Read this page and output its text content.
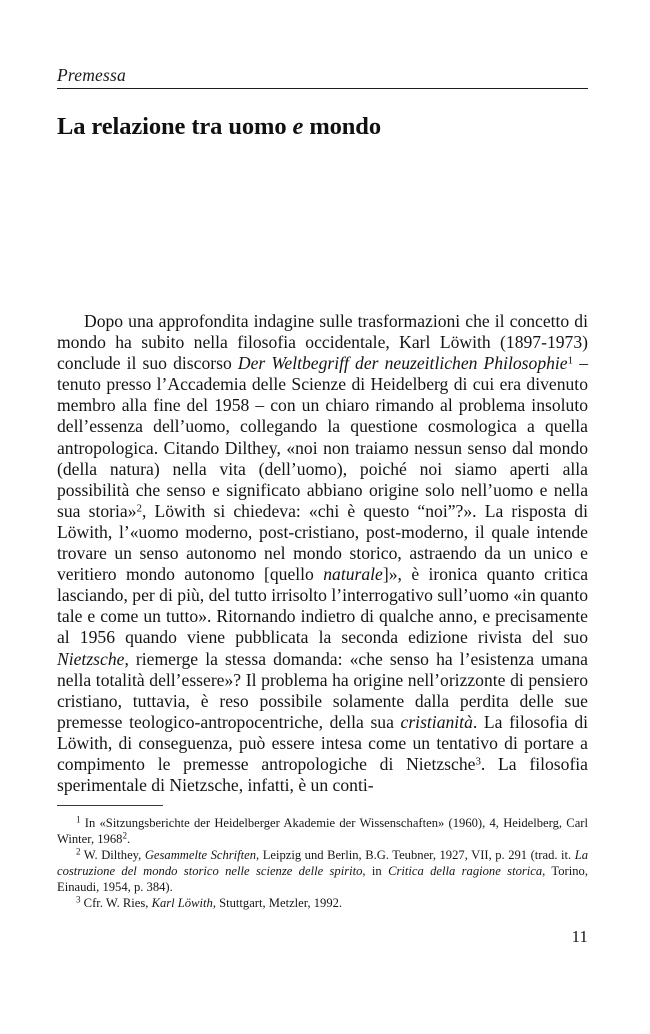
Premessa
La relazione tra uomo e mondo

Dopo una approfondita indagine sulle trasformazioni che il concetto di mondo ha subito nella filosofia occidentale, Karl Löwith (1897-1973) conclude il suo discorso Der Weltbegriff der neuzeitlichen Philosophie$^1$ – tenuto presso l’Accademia delle Scienze di Heidelberg di cui era divenuto membro alla fine del 1958 – con un chiaro rimando al problema insoluto dell’essenza dell’uomo, collegando la questione cosmologica a quella antropologica. Citando Dilthey, «noi non traiamo nessun senso dal mondo (della natura) nella vita (dell’uomo), poiché noi siamo aperti alla possibilità che senso e significato abbiano origine solo nell’uomo e nella sua storia»$^2$, Löwith si chiedeva: «chi è questo “noi”?». La risposta di Löwith, l’«uomo moderno, post-cristiano, post-moderno, il quale intende trovare un senso autonomo nel mondo storico, astraendo da un unico e veritiero mondo autonomo [quello naturale]», è ironica quanto critica lasciando, per di più, del tutto irrisolto l’interrogativo sull’uomo «in quanto tale e come un tutto». Ritornando indietro di qualche anno, e precisamente al 1956 quando viene pubblicata la seconda edizione rivista del suo Nietzsche, riemerge la stessa domanda: «che senso ha l’esistenza umana nella totalità dell’essere»? Il problema ha origine nell’orizzonte di pensiero cristiano, tuttavia, è reso possibile solamente dalla perdita delle sue premesse teologico-antropocentriche, della sua cristianità. La filosofia di Löwith, di conseguenza, può essere intesa come un tentativo di portare a compimento le premesse antropologiche di Nietzsche$^3$. La filosofia sperimentale di Nietzsche, infatti, è un conti-

$^1$ In «Sitzungsberichte der Heidelberger Akademie der Wissenschaften» (1960), 4, Heidelberg, Carl Winter, 1968$^2$.

$^2$ W. Dilthey, Gesammelte Schriften, Leipzig und Berlin, B.G. Teubner, 1927, VII, p. 291 (trad. it. La costruzione del mondo storico nelle scienze delle spirito, in Critica della ragione storica, Torino, Einaudi, 1954, p. 384).

$^3$ Cfr. W. Ries, Karl Löwith, Stuttgart, Metzler, 1992.

11
